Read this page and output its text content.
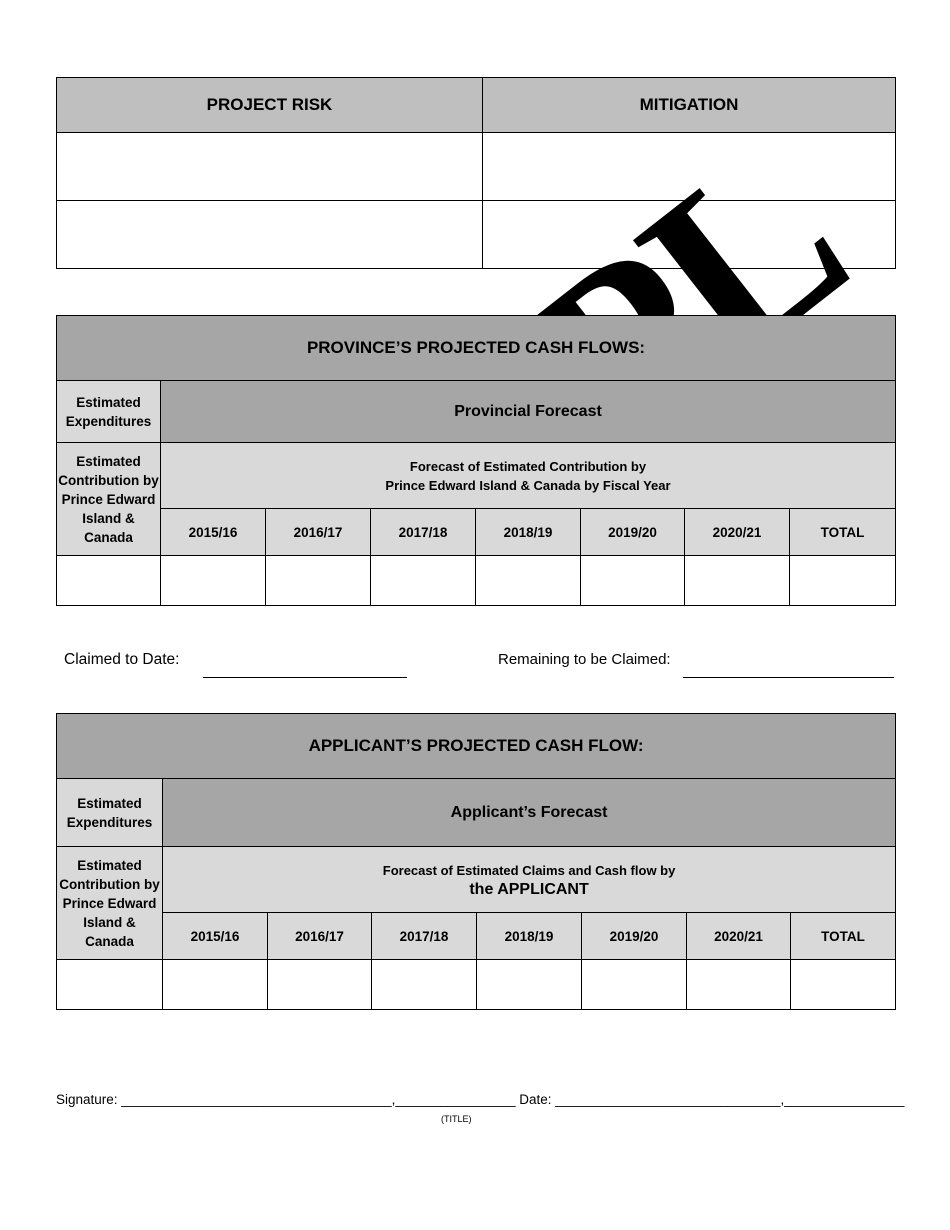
PROJECT RISK	MITIGATION

PROVINCE’S PROJECTED CASH FLOWS:							
Estimated Expenditures	Provincial Forecast						
Estimated Contribution by Prince Edward Island & Canada	Forecast of Estimated Contribution by
Prince Edward Island & Canada by Fiscal Year						
	2015/16	2016/17	2017/18	2018/19	2019/20	2020/21	TOTAL

Claimed to Date:	Remaining to be Claimed:
APPLICANT’S PROJECTED CASH FLOW:							
Estimated Expenditures	Applicant’s Forecast						
Estimated Contribution by Prince Edward Island & Canada	Forecast of Estimated Claims and Cash flow by
the APPLICANT						
	2015/16	2016/17	2017/18	2018/19	2019/20	2020/21	TOTAL

Signature: ____________________________________,________________ Date: ______________________________,________________
(TITLE)
